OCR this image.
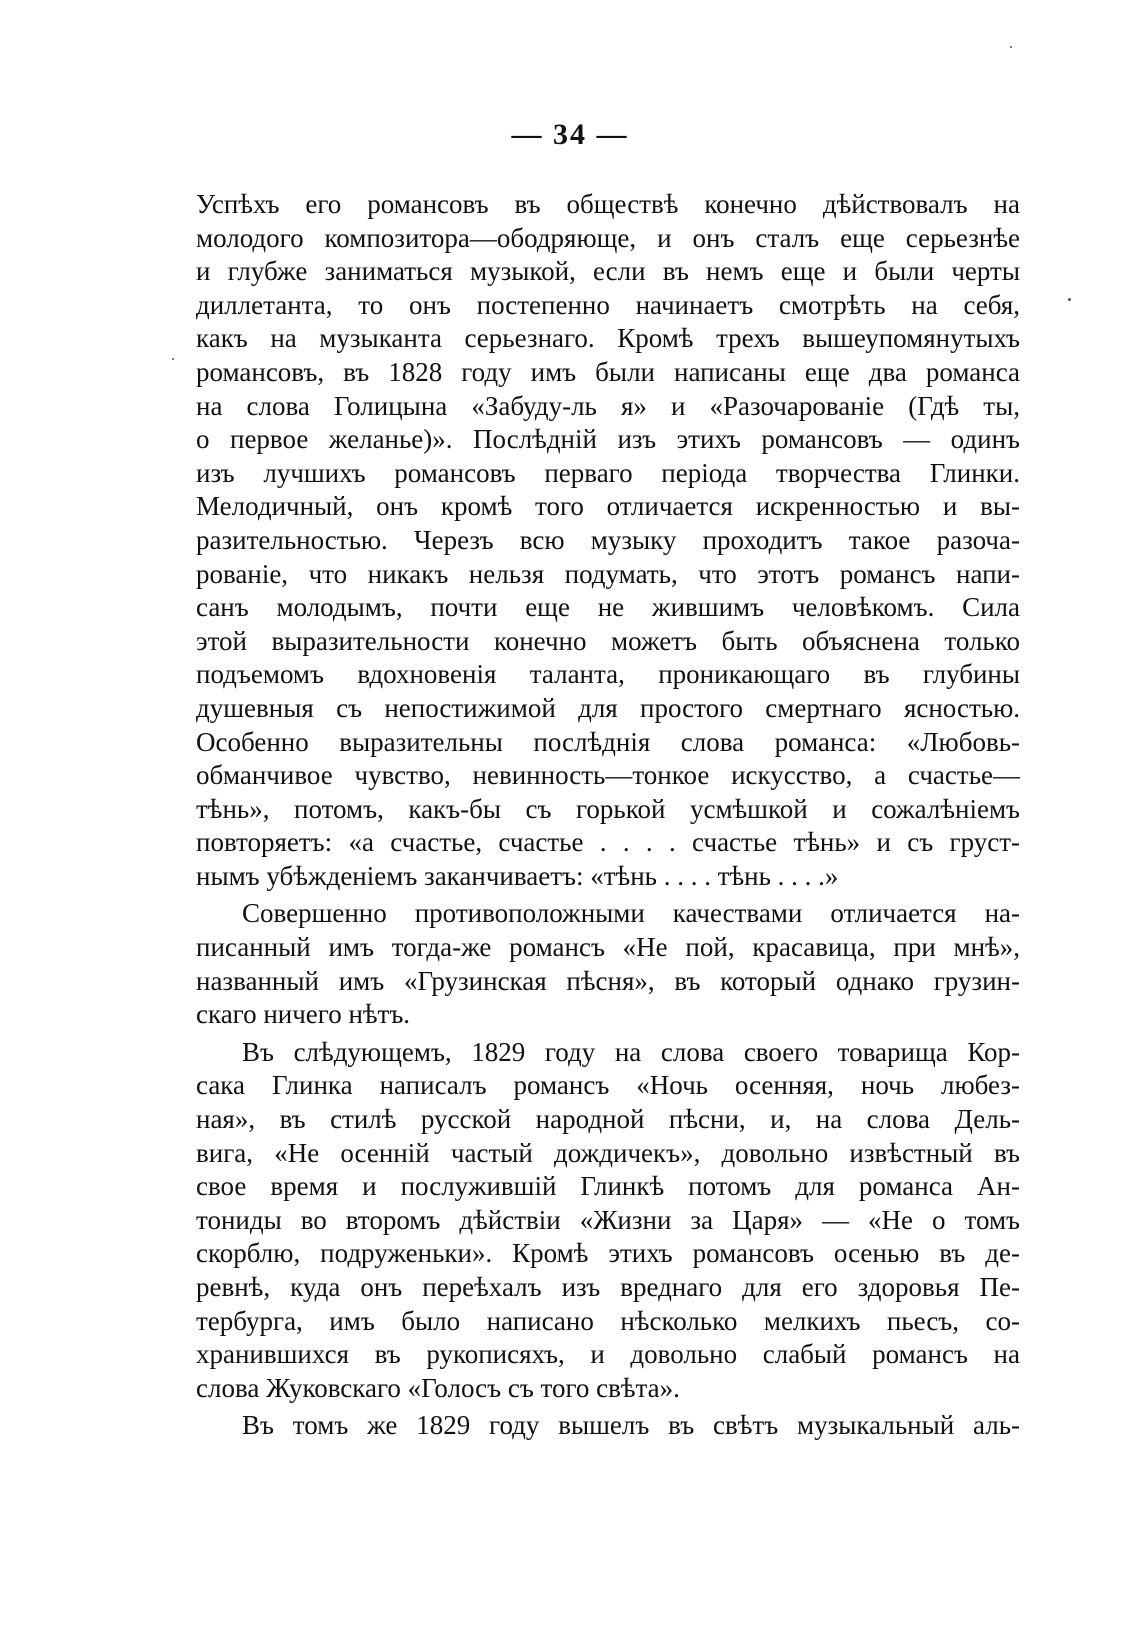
— 34 —
Успѣхъ его романсовъ въ обществѣ конечно дѣйствовалъ на
молодого композитора—ободряюще, и онъ сталъ еще серьезнѣе
и глубже заниматься музыкой, если въ немъ еще и были черты
диллетанта, то онъ постепенно начинаетъ смотрѣть на себя,
какъ на музыканта серьезнаго. Кромѣ трехъ вышеупомянутыхъ
романсовъ, въ 1828 году имъ были написаны еще два романса
на слова Голицына «Забуду-ль я» и «Разочарованіе (Гдѣ ты,
о первое желанье)». Послѣдній изъ этихъ романсовъ — одинъ
изъ лучшихъ романсовъ перваго періода творчества Глинки.
Мелодичный, онъ кромѣ того отличается искренностью и вы-
разительностью. Черезъ всю музыку проходитъ такое разоча-
рованіе, что никакъ нельзя подумать, что этотъ романсъ напи-
санъ молодымъ, почти еще не жившимъ человѣкомъ. Сила
этой выразительности конечно можетъ быть объяснена только
подъемомъ вдохновенія таланта, проникающаго въ глубины
душевныя съ непостижимой для простого смертнаго ясностью.
Особенно выразительны послѣднія слова романса: «Любовь-
обманчивое чувство, невинность—тонкое искусство, а счастье—
тѣнь», потомъ, какъ-бы съ горькой усмѣшкой и сожалѣніемъ
повторяетъ: «а счастье, счастье . . . . счастье тѣнь» и съ груст-
нымъ убѣжденіемъ заканчиваетъ: «тѣнь . . . . тѣнь . . . .»
Совершенно противоположными качествами отличается на-
писанный имъ тогда-же романсъ «Не пой, красавица, при мнѣ»,
названный имъ «Грузинская пѣсня», въ который однако грузин-
скаго ничего нѣтъ.
Въ слѣдующемъ, 1829 году на слова своего товарища Кор-
сака Глинка написалъ романсъ «Ночь осенняя, ночь любез-
ная», въ стилѣ русской народной пѣсни, и, на слова Дель-
вига, «Не осенній частый дождичекъ», довольно извѣстный въ
свое время и послужившій Глинкѣ потомъ для романса Ан-
тониды во второмъ дѣйствіи «Жизни за Царя» — «Не о томъ
скорблю, подруженьки». Кромѣ этихъ романсовъ осенью въ де-
ревнѣ, куда онъ переѣхалъ изъ вреднаго для его здоровья Пе-
тербурга, имъ было написано нѣсколько мелкихъ пьесъ, со-
хранившихся въ рукописяхъ, и довольно слабый романсъ на
слова Жуковскаго «Голосъ съ того свѣта».
Въ томъ же 1829 году вышелъ въ свѣтъ музыкальный аль-
